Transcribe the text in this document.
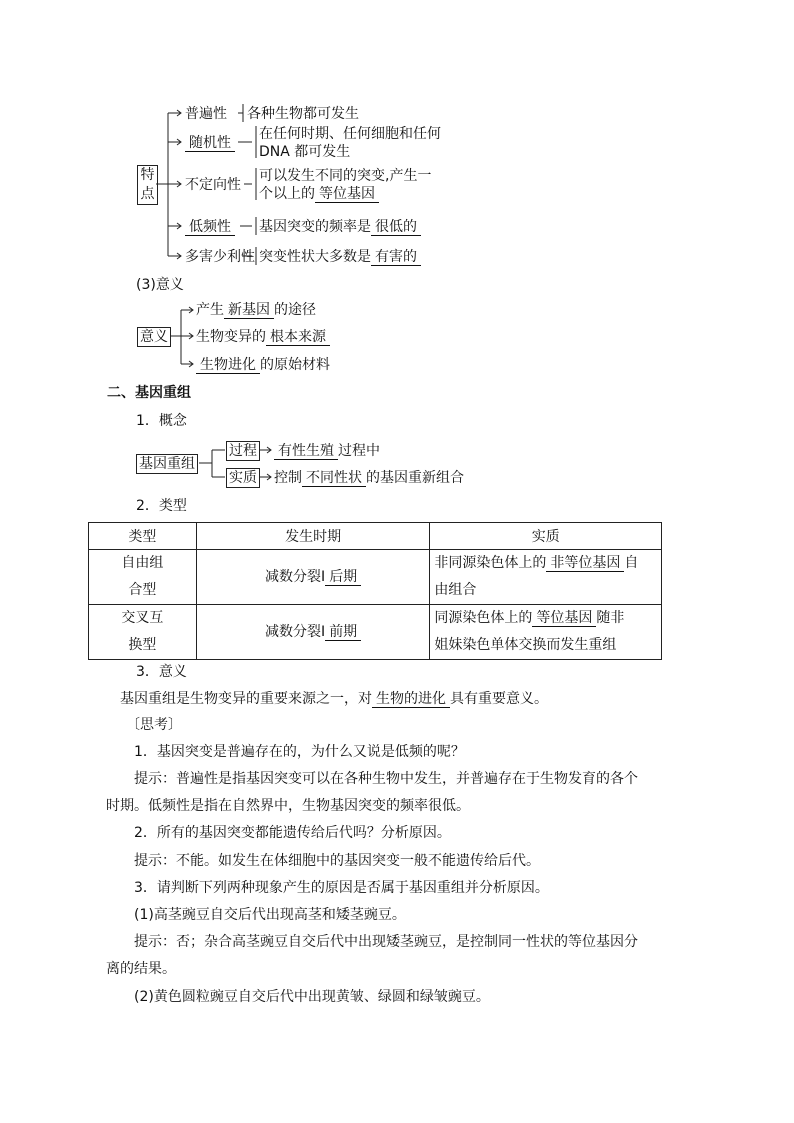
特点
普遍性 各种生物都可发生
随机性
在任何时期、任何细胞和任何
DNA 都可发生
不定向性
可以发生不同的突变,产生一
个以上的 等位基因
低频性 基因突变的频率是 很低的
多害少利性 突变性状大多数是 有害的
(3)意义
意义
产生 新基因 的途径
生物变异的 根本来源
生物进化 的原始材料
二、基因重组
1．概念
基因重组
过程 有性生殖 过程中
实质 控制 不同性状 的基因重新组合
2．类型
类型	发生时期	实质
自由组
合型	减数分裂Ⅰ 后期	非同源染色体上的 非等位基因 自
由组合
交叉互
换型	减数分裂Ⅰ 前期	同源染色体上的 等位基因 随非
姐妹染色单体交换而发生重组
3．意义
基因重组是生物变异的重要来源之一，对 生物的进化 具有重要意义。
〔思考〕
1．基因突变是普遍存在的，为什么又说是低频的呢？
提示：普遍性是指基因突变可以在各种生物中发生，并普遍存在于生物发育的各个
时期。低频性是指在自然界中，生物基因突变的频率很低。
2．所有的基因突变都能遗传给后代吗？分析原因。
提示：不能。如发生在体细胞中的基因突变一般不能遗传给后代。
3．请判断下列两种现象产生的原因是否属于基因重组并分析原因。
(1)高茎豌豆自交后代出现高茎和矮茎豌豆。
提示：否；杂合高茎豌豆自交后代中出现矮茎豌豆，是控制同一性状的等位基因分
离的结果。
(2)黄色圆粒豌豆自交后代中出现黄皱、绿圆和绿皱豌豆。
